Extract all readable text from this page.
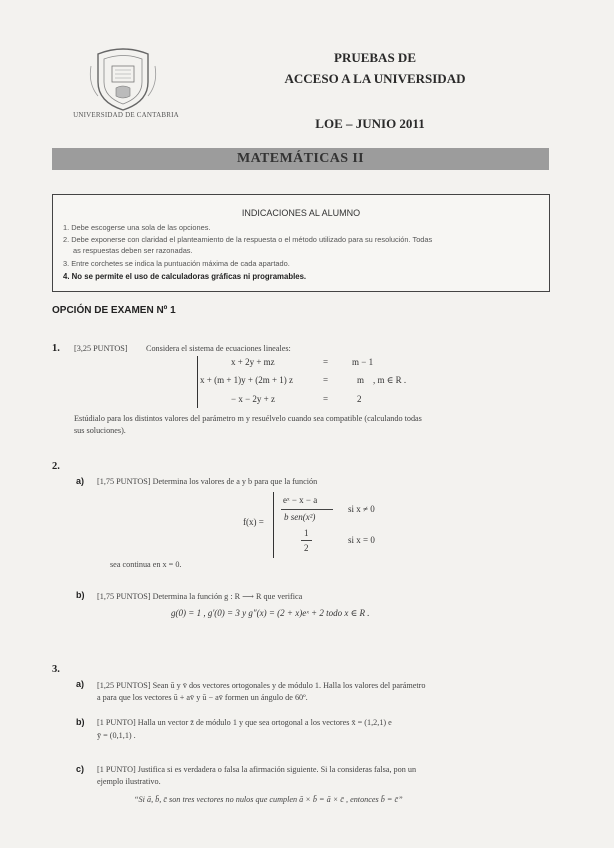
UNIVERSIDAD DE CANTABRIA
PRUEBAS DE
ACCESO A LA UNIVERSIDAD
LOE – JUNIO 2011
MATEMÁTICAS II
INDICACIONES AL ALUMNO
1. Debe escogerse una sola de las opciones.
2. Debe exponerse con claridad el planteamiento de la respuesta o el método utilizado para su resolución. Todas
as respuestas deben ser razonadas.
3. Entre corchetes se indica la puntuación máxima de cada apartado.
4. No se permite el uso de calculadoras gráficas ni programables.
OPCIÓN DE EXAMEN Nº 1
1. [3,25 PUNTOS] Considera el sistema de ecuaciones lineales:
x + 2y + mz	=	m − 1
x + (m + 1)y + (2m + 1) z	=	m , m ∈ R .
− x − 2y + z	=	2
Estúdialo para los distintos valores del parámetro m y resuélvelo cuando sea compatible (calculando todas
sus soluciones).
2.
a) [1,75 PUNTOS] Determina los valores de a y b para que la función
f(x) =
eˣ − x − a
b sen(x²)
si x ≠ 0
1
2
si x = 0
sea continua en x = 0.
b) [1,75 PUNTOS] Determina la función g : R ⟶ R que verifica
g(0) = 1 , g′(0) = 3 y g″(x) = (2 + x)eˣ + 2 todo x ∈ R .
3.
a) [1,25 PUNTOS] Sean ū y v̄ dos vectores ortogonales y de módulo 1. Halla los valores del parámetro
a para que los vectores ū + av̄ y ū − av̄ formen un ángulo de 60º.
b) [1 PUNTO] Halla un vector z̄ de módulo 1 y que sea ortogonal a los vectores x̄ = (1,2,1) e
ȳ = (0,1,1) .
c) [1 PUNTO] Justifica si es verdadera o falsa la afirmación siguiente. Si la consideras falsa, pon un
ejemplo ilustrativo.
“Si ā, b̄, c̄ son tres vectores no nulos que cumplen ā × b̄ = ā × c̄ , entonces b̄ = c̄”
